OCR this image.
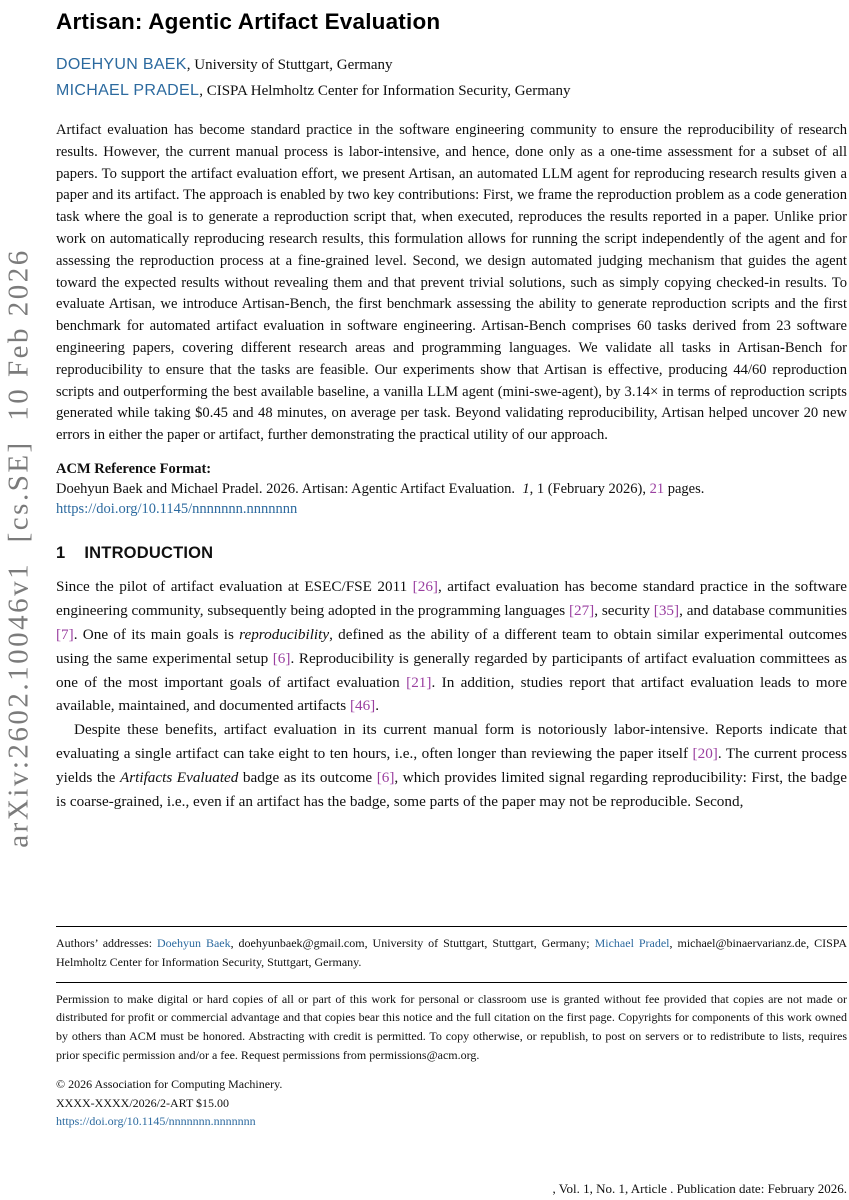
arXiv:2602.10046v1  [cs.SE]  10 Feb 2026
Artisan: Agentic Artifact Evaluation
DOEHYUN BAEK, University of Stuttgart, Germany
MICHAEL PRADEL, CISPA Helmholtz Center for Information Security, Germany

Artifact evaluation has become standard practice in the software engineering community to ensure the reproducibility of research results. However, the current manual process is labor-intensive, and hence, done only as a one-time assessment for a subset of all papers. To support the artifact evaluation effort, we present Artisan, an automated LLM agent for reproducing research results given a paper and its artifact. The approach is enabled by two key contributions: First, we frame the reproduction problem as a code generation task where the goal is to generate a reproduction script that, when executed, reproduces the results reported in a paper. Unlike prior work on automatically reproducing research results, this formulation allows for running the script independently of the agent and for assessing the reproduction process at a fine-grained level. Second, we design automated judging mechanism that guides the agent toward the expected results without revealing them and that prevent trivial solutions, such as simply copying checked-in results. To evaluate Artisan, we introduce Artisan-Bench, the first benchmark assessing the ability to generate reproduction scripts and the first benchmark for automated artifact evaluation in software engineering. Artisan-Bench comprises 60 tasks derived from 23 software engineering papers, covering different research areas and programming languages. We validate all tasks in Artisan-Bench for reproducibility to ensure that the tasks are feasible. Our experiments show that Artisan is effective, producing 44/60 reproduction scripts and outperforming the best available baseline, a vanilla LLM agent (mini-swe-agent), by 3.14× in terms of reproduction scripts generated while taking $0.45 and 48 minutes, on average per task. Beyond validating reproducibility, Artisan helped uncover 20 new errors in either the paper or artifact, further demonstrating the practical utility of our approach.

ACM Reference Format:

Doehyun Baek and Michael Pradel. 2026. Artisan: Agentic Artifact Evaluation.  1, 1 (February 2026), 21 pages.

https://doi.org/10.1145/nnnnnnn.nnnnnnn
1 INTRODUCTION

Since the pilot of artifact evaluation at ESEC/FSE 2011 [26], artifact evaluation has become standard practice in the software engineering community, subsequently being adopted in the programming languages [27], security [35], and database communities [7]. One of its main goals is reproducibility, defined as the ability of a different team to obtain similar experimental outcomes using the same experimental setup [6]. Reproducibility is generally regarded by participants of artifact evaluation committees as one of the most important goals of artifact evaluation [21]. In addition, studies report that artifact evaluation leads to more available, maintained, and documented artifacts [46].

Despite these benefits, artifact evaluation in its current manual form is notoriously labor-intensive. Reports indicate that evaluating a single artifact can take eight to ten hours, i.e., often longer than reviewing the paper itself [20]. The current process yields the Artifacts Evaluated badge as its outcome [6], which provides limited signal regarding reproducibility: First, the badge is coarse-grained, i.e., even if an artifact has the badge, some parts of the paper may not be reproducible. Second,

Authors’ addresses: Doehyun Baek, doehyunbaek@gmail.com, University of Stuttgart, Stuttgart, Germany; Michael Pradel, michael@binaervarianz.de, CISPA Helmholtz Center for Information Security, Stuttgart, Germany.

Permission to make digital or hard copies of all or part of this work for personal or classroom use is granted without fee provided that copies are not made or distributed for profit or commercial advantage and that copies bear this notice and the full citation on the first page. Copyrights for components of this work owned by others than ACM must be honored. Abstracting with credit is permitted. To copy otherwise, or republish, to post on servers or to redistribute to lists, requires prior specific permission and/or a fee. Request permissions from permissions@acm.org.

© 2026 Association for Computing Machinery.

XXXX-XXXX/2026/2-ART $15.00

https://doi.org/10.1145/nnnnnnn.nnnnnnn
, Vol. 1, No. 1, Article . Publication date: February 2026.
